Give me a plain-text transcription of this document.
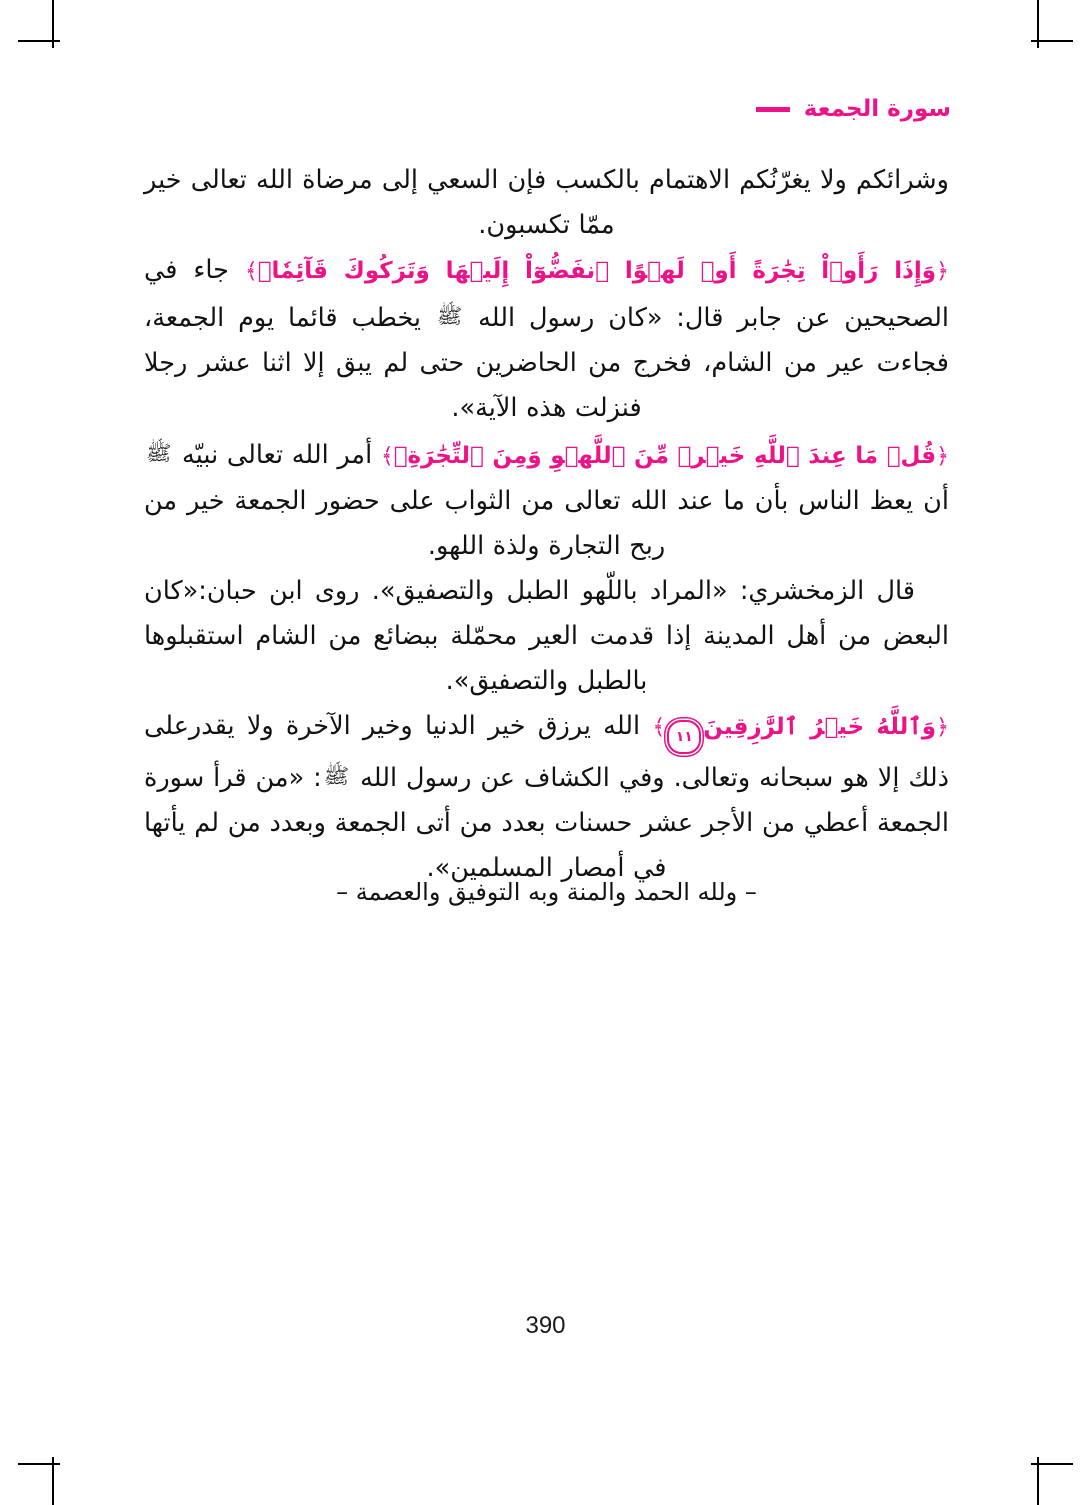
سورة الجمعة
وشرائكم ولا يغرّنُكم الاهتمام بالكسب فإن السعي إلى مرضاة الله تعالى خير ممّا تكسبون.
﴿وَإِذَا رَأَوۡاْ تِجَٰرَةً أَوۡ لَهۡوًا ٱنفَضُّوٓاْ إِلَيۡهَا وَتَرَكُوكَ قَآئِمٗاۚ﴾ جاء في الصحيحين عن جابر قال: «كان رسول الله ﷺ يخطب قائما يوم الجمعة، فجاءت عير من الشام، فخرج من الحاضرين حتى لم يبق إلا اثنا عشر رجلا فنزلت هذه الآية».
﴿قُلۡ مَا عِندَ ٱللَّهِ خَيۡرٞ مِّنَ ٱللَّهۡوِ وَمِنَ ٱلتِّجَٰرَةِۚ﴾ أمر الله تعالى نبيّه ﷺ أن يعظ الناس بأن ما عند الله تعالى من الثواب على حضور الجمعة خير من ربح التجارة ولذة اللهو.
قال الزمخشري: «المراد باللّهو الطبل والتصفيق». روى ابن حبان:«كان البعض من أهل المدينة إذا قدمت العير محمّلة ببضائع من الشام استقبلوها بالطبل والتصفيق».
﴿وَٱللَّهُ خَيۡرُ ٱلرَّٰزِقِينَ١١﴾ الله يرزق خير الدنيا وخير الآخرة ولا يقدرعلى ذلك إلا هو سبحانه وتعالى. وفي الكشاف عن رسول الله ﷺ: «من قرأ سورة الجمعة أعطي من الأجر عشر حسنات بعدد من أتى الجمعة وبعدد من لم يأتها في أمصار المسلمين».
– ولله الحمد والمنة وبه التوفيق والعصمة –
390
